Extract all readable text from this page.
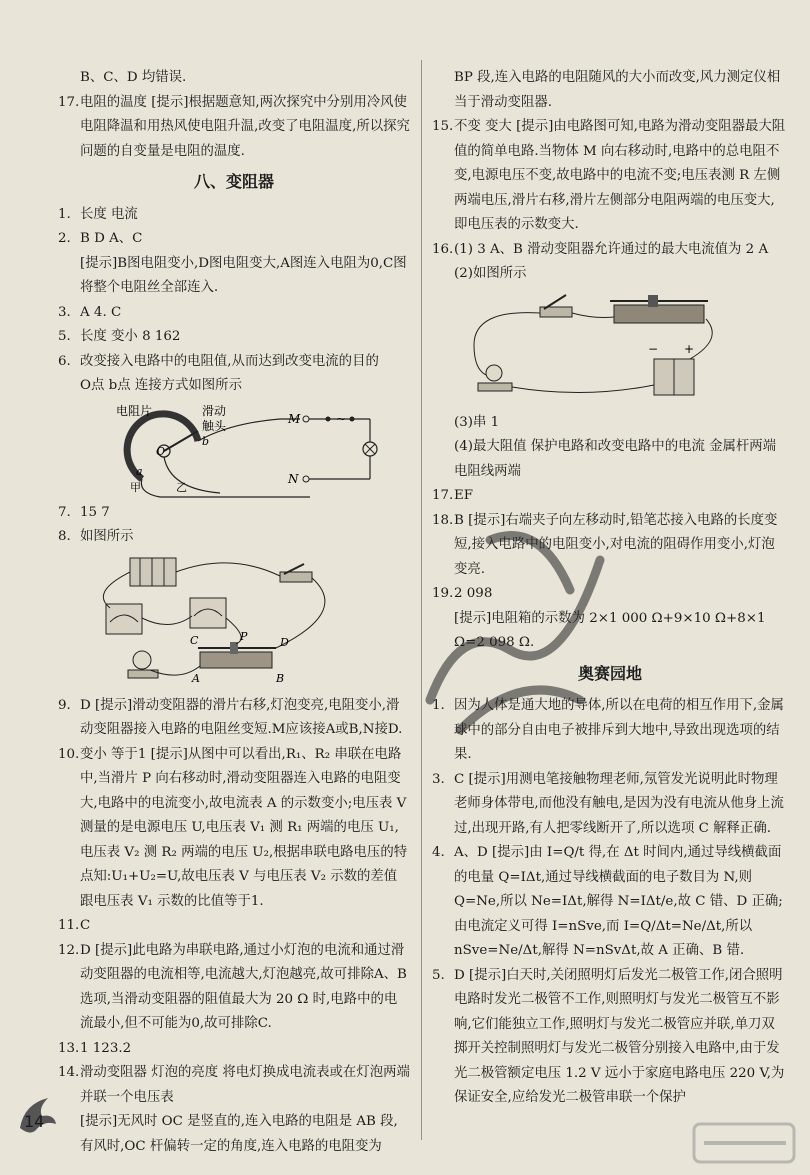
B、C、D 均错误.
17. 电阻的温度 [提示]根据题意知,两次探究中分别用冷风使电阻降温和用热风使电阻升温,改变了电阻温度,所以探究问题的自变量是电阻的温度.
八、变阻器
1. 长度 电流
2. B D A、C
[提示]B图电阻变小,D图电阻变大,A图连入电阻为0,C图将整个电阻丝全部连入.
3. A 4. C
5. 长度 变小 8 162
6. 改变接入电路中的电阻值,从而达到改变电流的目的
O点 b点 连接方式如图所示
电阻片	滑动
触头	M
N
O
a
b
甲	乙
~
7. 15 7
8. 如图所示
C	P	D
A	B
9. D [提示]滑动变阻器的滑片右移,灯泡变亮,电阻变小,滑动变阻器接入电路的电阻丝变短.M应该接A或B,N接D.
10. 变小 等于1 [提示]从图中可以看出,R₁、R₂ 串联在电路中,当滑片 P 向右移动时,滑动变阻器连入电路的电阻变大,电路中的电流变小,故电流表 A 的示数变小;电压表 V 测量的是电源电压 U,电压表 V₁ 测 R₁ 两端的电压 U₁,电压表 V₂ 测 R₂ 两端的电压 U₂,根据串联电路电压的特点知:U₁+U₂=U,故电压表 V 与电压表 V₂ 示数的差值跟电压表 V₁ 示数的比值等于1.
11. C
12. D [提示]此电路为串联电路,通过小灯泡的电流和通过滑动变阻器的电流相等,电流越大,灯泡越亮,故可排除A、B选项,当滑动变阻器的阻值最大为 20 Ω 时,电路中的电流最小,但不可能为0,故可排除C.
13. 1 123.2
14. 滑动变阻器 灯泡的亮度 将电灯换成电流表或在灯泡两端并联一个电压表
[提示]无风时 OC 是竖直的,连入电路的电阻是 AB 段,有风时,OC 杆偏转一定的角度,连入电路的电阻变为
BP 段,连入电路的电阻随风的大小而改变,风力测定仪相当于滑动变阻器.
15. 不变 变大 [提示]由电路图可知,电路为滑动变阻器最大阻值的简单电路.当物体 M 向右移动时,电路中的总电阻不变,电源电压不变,故电路中的电流不变;电压表测 R 左侧两端电压,滑片右移,滑片左侧部分电阻两端的电压变大,即电压表的示数变大.
16. (1) 3 A、B 滑动变阻器允许通过的最大电流值为 2 A
(2)如图所示
+
−
(3)串 1
(4)最大阻值 保护电路和改变电路中的电流 金属杆两端 电阻线两端
17. EF
18. B [提示]右端夹子向左移动时,铅笔芯接入电路的长度变短,接入电路中的电阻变小,对电流的阻碍作用变小,灯泡变亮.
19. 2 098
[提示]电阻箱的示数为 2×1 000 Ω+9×10 Ω+8×1 Ω=2 098 Ω.
奥赛园地
1. 因为人体是通大地的导体,所以在电荷的相互作用下,金属球中的部分自由电子被排斥到大地中,导致出现选项的结果.
3. C [提示]用测电笔接触物理老师,氖管发光说明此时物理老师身体带电,而他没有触电,是因为没有电流从他身上流过,出现开路,有人把零线断开了,所以选项 C 解释正确.
4. A、D [提示]由 I=Q/t 得,在 Δt 时间内,通过导线横截面的电量 Q=IΔt,通过导线横截面的电子数目为 N,则 Q=Ne,所以 Ne=IΔt,解得 N=IΔt/e,故 C 错、D 正确;由电流定义可得 I=nSve,而 I=Q/Δt=Ne/Δt,所以 nSve=Ne/Δt,解得 N=nSvΔt,故 A 正确、B 错.
5. D [提示]白天时,关闭照明灯后发光二极管工作,闭合照明电路时发光二极管不工作,则照明灯与发光二极管互不影响,它们能独立工作,照明灯与发光二极管应并联,单刀双掷开关控制照明灯与发光二极管分别接入电路中,由于发光二极管额定电压 1.2 V 远小于家庭电路电压 220 V,为保证安全,应给发光二极管串联一个保护
14
